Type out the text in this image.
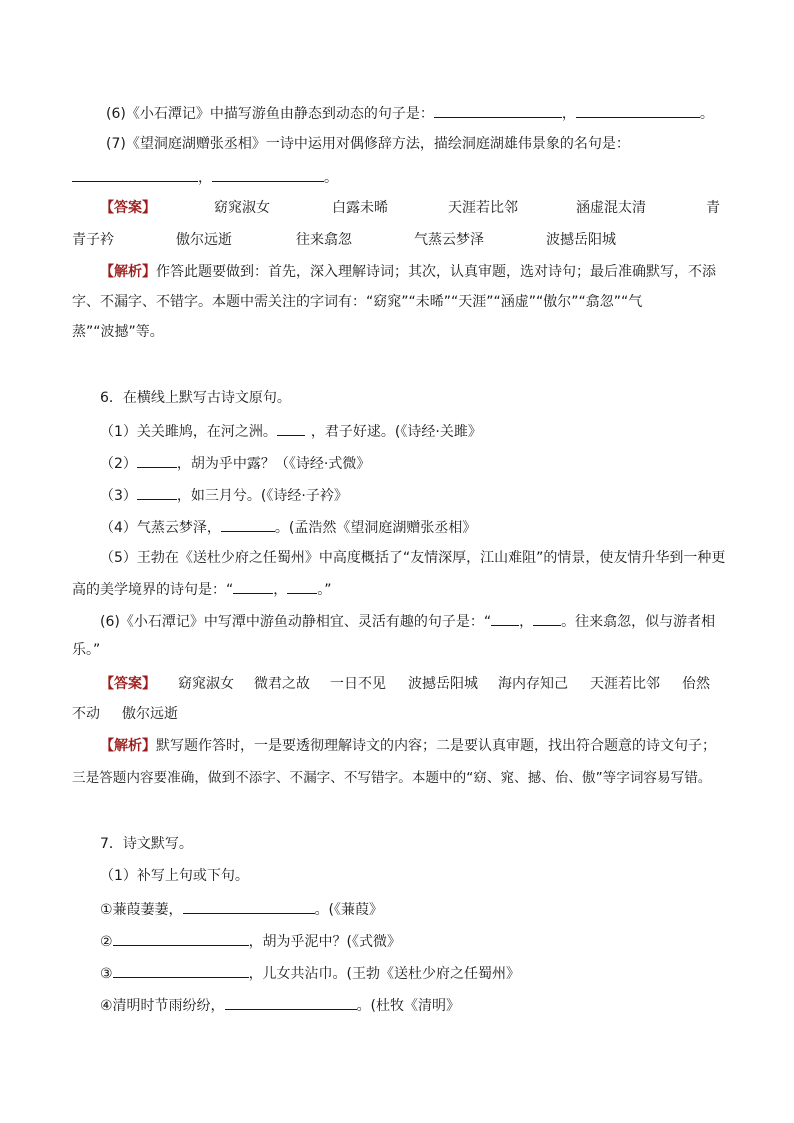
(6)《小石潭记》中描写游鱼由静态到动态的句子是：	，	。
(7)《望洞庭湖赠张丞相》一诗中运用对偶修辞方法，描绘洞庭湖雄伟景象的名句是：
，	。
【答案】	窈窕淑女	白露未晞	天涯若比邻	涵虚混太清	青
青子衿	傲尔远逝	往来翕忽	气蒸云梦泽	波撼岳阳城
【解析】作答此题要做到：首先，深入理解诗词；其次，认真审题，选对诗句；最后准确默写，不添
字、不漏字、不错字。本题中需关注的字词有：“窈窕”“未晞”“天涯”“涵虚”“傲尔”“翕忽”“气
蒸”“波撼”等。
6．在横线上默写古诗文原句。
（1）关关雎鸠，在河之洲。 ，君子好逑。(《诗经·关雎》
（2）	，胡为乎中露？（《诗经·式微》
（3）	，如三月兮。(《诗经·子衿》
（4）气蒸云梦泽，	。(孟浩然《望洞庭湖赠张丞相》
（5）王勃在《送杜少府之任蜀州》中高度概括了“友情深厚，江山难阻”的情景，使友情升华到一种更
高的美学境界的诗句是：“	， 。”
(6)《小石潭记》中写潭中游鱼动静相宜、灵活有趣的句子是：“ ， 。往来翕忽，似与游者相
乐。”
【答案】 窈窕淑女 微君之故 一日不见 波撼岳阳城 海内存知己 天涯若比邻 佁然
不动 傲尔远逝
【解析】默写题作答时，一是要透彻理解诗文的内容；二是要认真审题，找出符合题意的诗文句子；
三是答题内容要准确，做到不添字、不漏字、不写错字。本题中的“窈、窕、撼、佁、傲”等字词容易写错。
7．诗文默写。
（1）补写上句或下句。
①蒹葭萋萋，	。(《蒹葭》
②	，胡为乎泥中？(《式微》
③	，儿女共沾巾。(王勃《送杜少府之任蜀州》
④清明时节雨纷纷，	。(杜牧《清明》
